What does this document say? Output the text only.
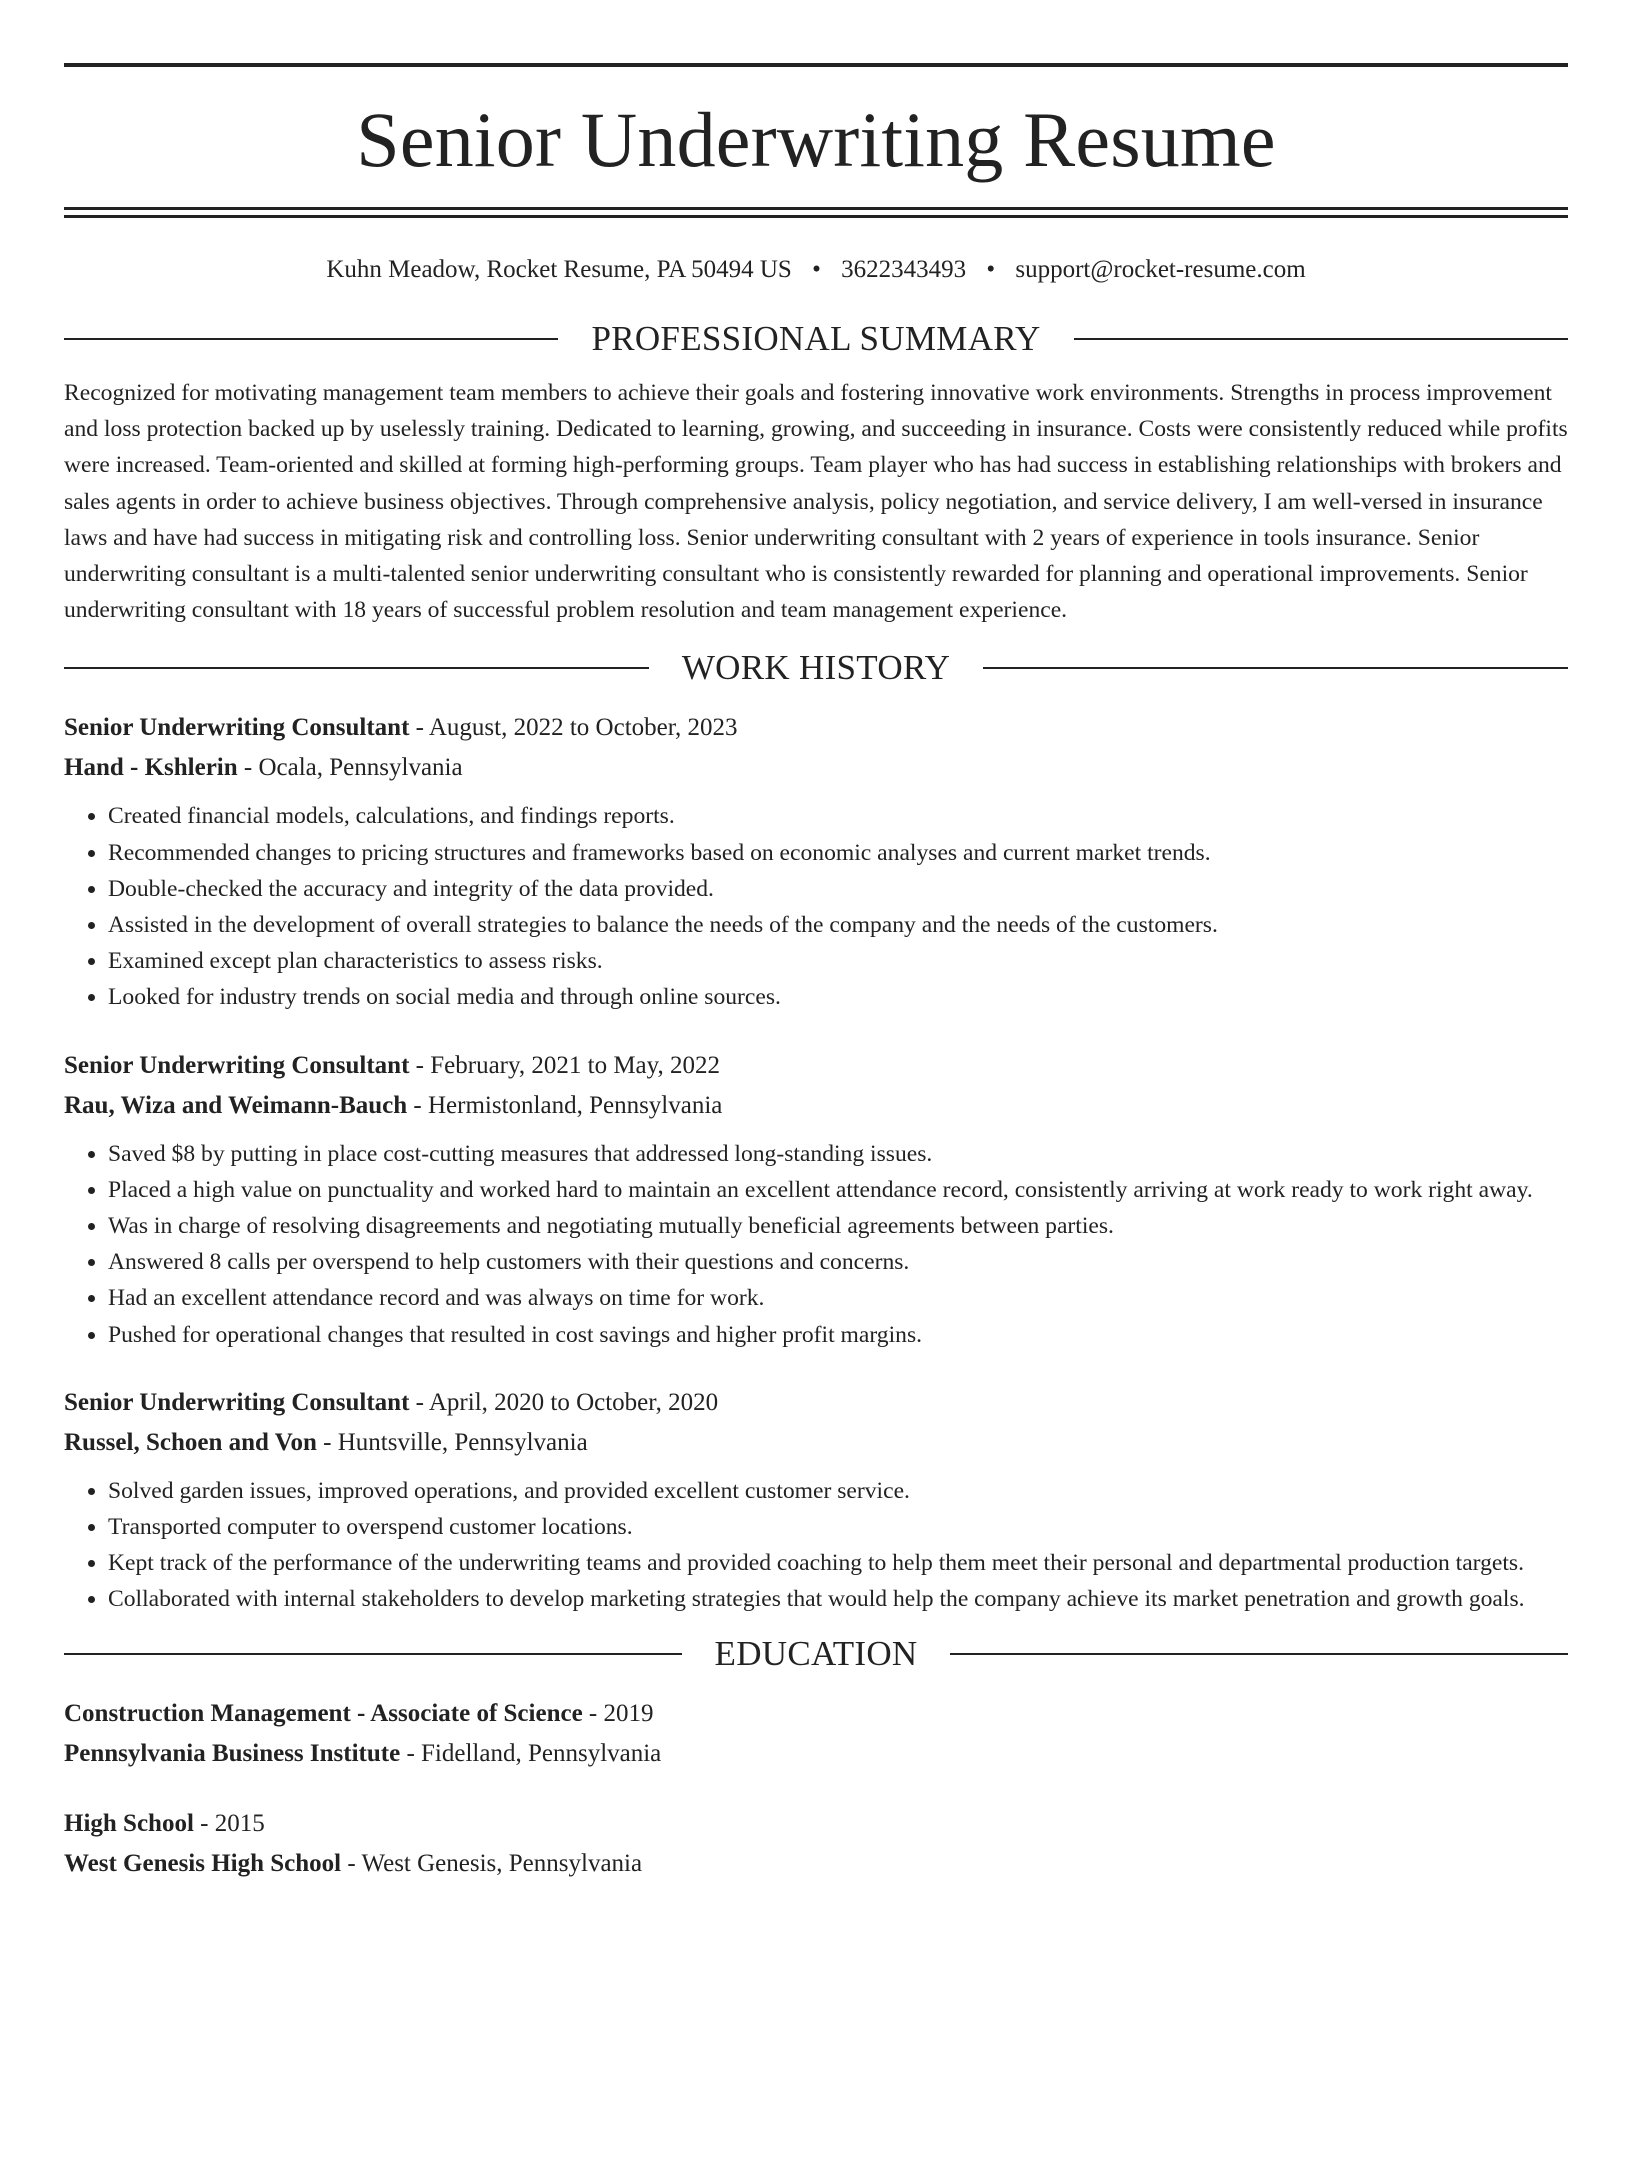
Senior Underwriting Resume
Kuhn Meadow, Rocket Resume, PA 50494 US • 3622343493 • support@rocket-resume.com
PROFESSIONAL SUMMARY

Recognized for motivating management team members to achieve their goals and fostering innovative work environments. Strengths in process improvement and loss protection backed up by uselessly training. Dedicated to learning, growing, and succeeding in insurance. Costs were consistently reduced while profits were increased. Team-oriented and skilled at forming high-performing groups. Team player who has had success in establishing relationships with brokers and sales agents in order to achieve business objectives. Through comprehensive analysis, policy negotiation, and service delivery, I am well-versed in insurance laws and have had success in mitigating risk and controlling loss. Senior underwriting consultant with 2 years of experience in tools insurance. Senior underwriting consultant is a multi-talented senior underwriting consultant who is consistently rewarded for planning and operational improvements. Senior underwriting consultant with 18 years of successful problem resolution and team management experience.

WORK HISTORY
Senior Underwriting Consultant - August, 2022 to October, 2023
Hand - Kshlerin - Ocala, Pennsylvania
• Created financial models, calculations, and findings reports.
• Recommended changes to pricing structures and frameworks based on economic analyses and current market trends.
• Double-checked the accuracy and integrity of the data provided.
• Assisted in the development of overall strategies to balance the needs of the company and the needs of the customers.
• Examined except plan characteristics to assess risks.
• Looked for industry trends on social media and through online sources.
Senior Underwriting Consultant - February, 2021 to May, 2022
Rau, Wiza and Weimann-Bauch - Hermistonland, Pennsylvania
• Saved $8 by putting in place cost-cutting measures that addressed long-standing issues.
• Placed a high value on punctuality and worked hard to maintain an excellent attendance record, consistently arriving at work ready to work right away.
• Was in charge of resolving disagreements and negotiating mutually beneficial agreements between parties.
• Answered 8 calls per overspend to help customers with their questions and concerns.
• Had an excellent attendance record and was always on time for work.
• Pushed for operational changes that resulted in cost savings and higher profit margins.
Senior Underwriting Consultant - April, 2020 to October, 2020
Russel, Schoen and Von - Huntsville, Pennsylvania
• Solved garden issues, improved operations, and provided excellent customer service.
• Transported computer to overspend customer locations.
• Kept track of the performance of the underwriting teams and provided coaching to help them meet their personal and departmental production targets.
• Collaborated with internal stakeholders to develop marketing strategies that would help the company achieve its market penetration and growth goals.
EDUCATION
Construction Management - Associate of Science - 2019
Pennsylvania Business Institute - Fidelland, Pennsylvania
High School - 2015
West Genesis High School - West Genesis, Pennsylvania
